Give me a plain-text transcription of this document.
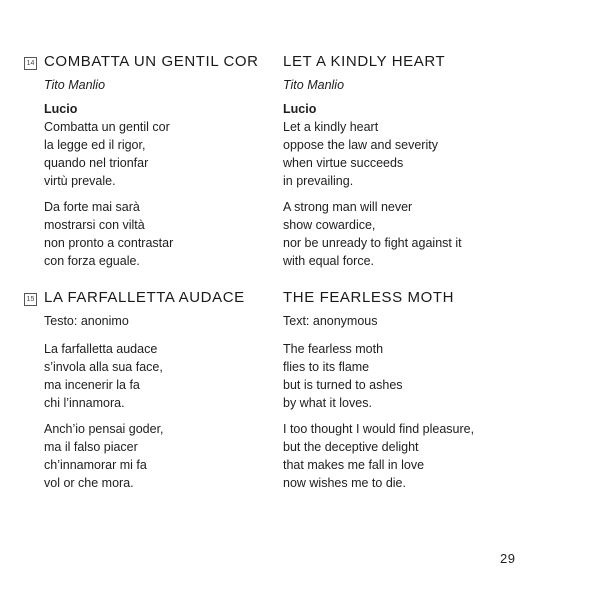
14 COMBATTA UN GENTIL COR
Tito Manlio
Lucio
Combatta un gentil cor
la legge ed il rigor,
quando nel trionfar
virtù prevale.
Da forte mai sarà
mostrarsi con viltà
non pronto a contrastar
con forza eguale.
15 LA FARFALLETTA AUDACE
Testo: anonimo
La farfalletta audace
s’invola alla sua face,
ma incenerir la fa
chi l’innamora.
Anch’io pensai goder,
ma il falso piacer
ch’innamorar mi fa
vol or che mora.
LET A KINDLY HEART
Tito Manlio
Lucio
Let a kindly heart
oppose the law and severity
when virtue succeeds
in prevailing.
A strong man will never
show cowardice,
nor be unready to fight against it
with equal force.
THE FEARLESS MOTH
Text: anonymous
The fearless moth
flies to its flame
but is turned to ashes
by what it loves.
I too thought I would find pleasure,
but the deceptive delight
that makes me fall in love
now wishes me to die.
29
